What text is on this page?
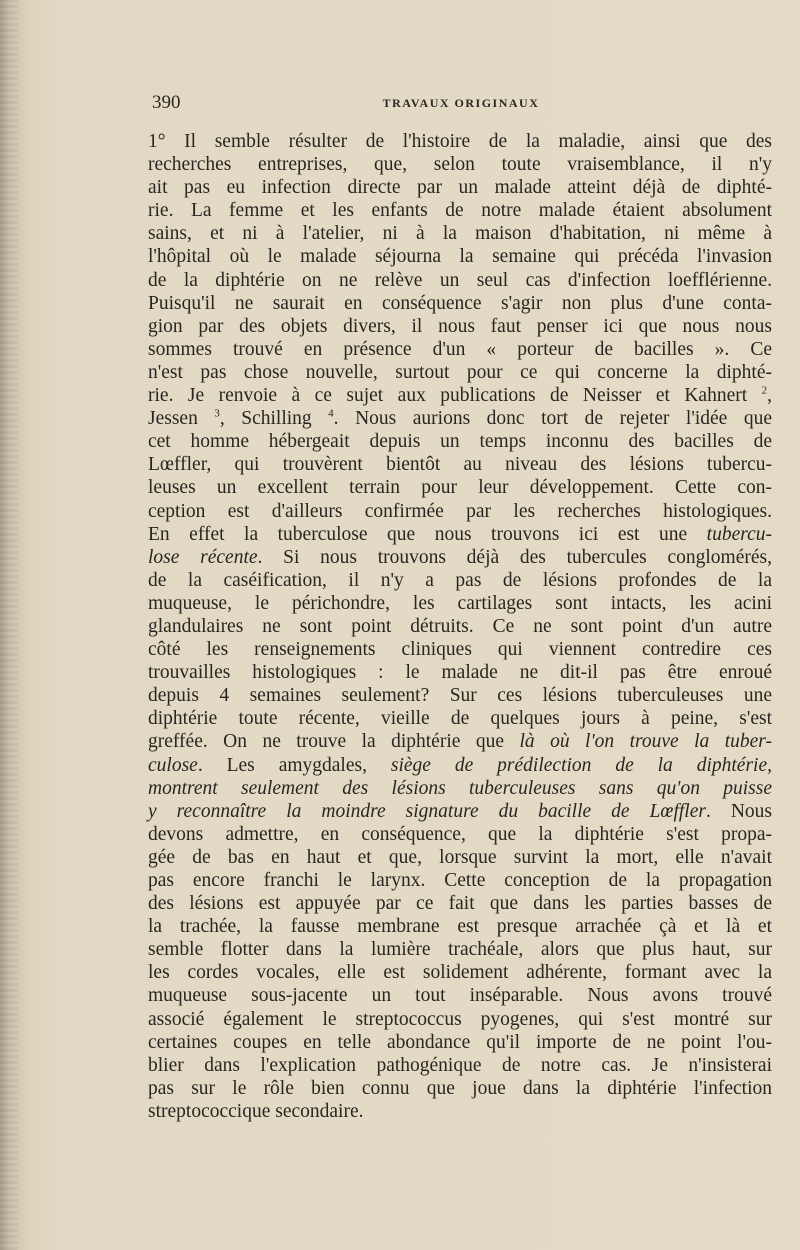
390	TRAVAUX ORIGINAUX
1° Il semble résulter de l'histoire de la maladie, ainsi que des
recherches entreprises, que, selon toute vraisemblance, il n'y
ait pas eu infection directe par un malade atteint déjà de diphté-
rie. La femme et les enfants de notre malade étaient absolument
sains, et ni à l'atelier, ni à la maison d'habitation, ni même à
l'hôpital où le malade séjourna la semaine qui précéda l'invasion
de la diphtérie on ne relève un seul cas d'infection loefflérienne.
Puisqu'il ne saurait en conséquence s'agir non plus d'une conta-
gion par des objets divers, il nous faut penser ici que nous nous
sommes trouvé en présence d'un « porteur de bacilles ». Ce
n'est pas chose nouvelle, surtout pour ce qui concerne la diphté-
rie. Je renvoie à ce sujet aux publications de Neisser et Kahnert $^2$,
Jessen $^3$, Schilling $^4$. Nous aurions donc tort de rejeter l'idée que
cet homme hébergeait depuis un temps inconnu des bacilles de
Lœffler, qui trouvèrent bientôt au niveau des lésions tubercu-
leuses un excellent terrain pour leur développement. Cette con-
ception est d'ailleurs confirmée par les recherches histologiques.
En effet la tuberculose que nous trouvons ici est une tubercu-
lose récente. Si nous trouvons déjà des tubercules conglomérés,
de la caséification, il n'y a pas de lésions profondes de la
muqueuse, le périchondre, les cartilages sont intacts, les acini
glandulaires ne sont point détruits. Ce ne sont point d'un autre
côté les renseignements cliniques qui viennent contredire ces
trouvailles histologiques : le malade ne dit-il pas être enroué
depuis 4 semaines seulement? Sur ces lésions tuberculeuses une
diphtérie toute récente, vieille de quelques jours à peine, s'est
greffée. On ne trouve la diphtérie que là où l'on trouve la tuber-
culose. Les amygdales, siège de prédilection de la diphtérie,
montrent seulement des lésions tuberculeuses sans qu'on puisse
y reconnaître la moindre signature du bacille de Lœffler. Nous
devons admettre, en conséquence, que la diphtérie s'est propa-
gée de bas en haut et que, lorsque survint la mort, elle n'avait
pas encore franchi le larynx. Cette conception de la propagation
des lésions est appuyée par ce fait que dans les parties basses de
la trachée, la fausse membrane est presque arrachée çà et là et
semble flotter dans la lumière trachéale, alors que plus haut, sur
les cordes vocales, elle est solidement adhérente, formant avec la
muqueuse sous-jacente un tout inséparable. Nous avons trouvé
associé également le streptococcus pyogenes, qui s'est montré sur
certaines coupes en telle abondance qu'il importe de ne point l'ou-
blier dans l'explication pathogénique de notre cas. Je n'insisterai
pas sur le rôle bien connu que joue dans la diphtérie l'infection
streptococcique secondaire.
